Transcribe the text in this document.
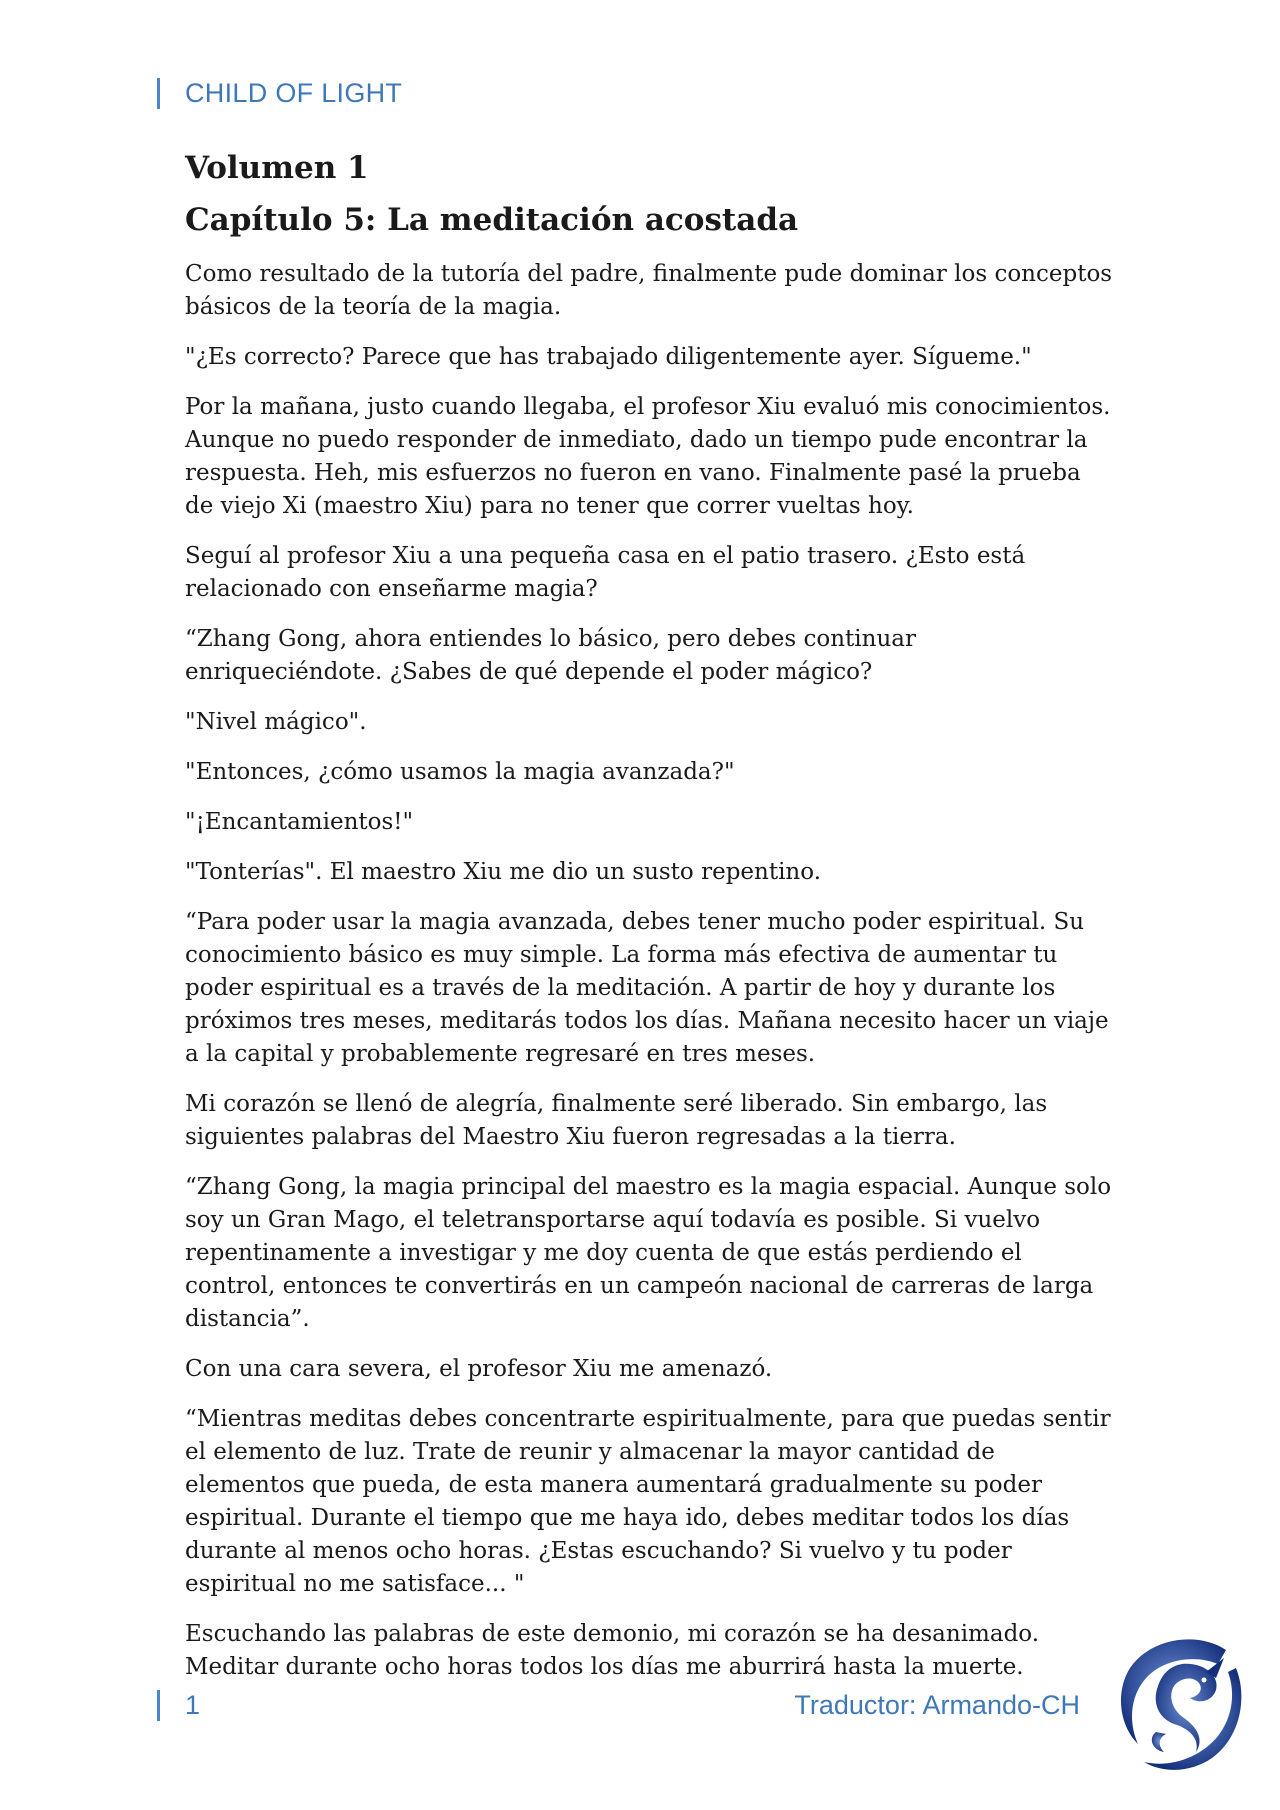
CHILD OF LIGHT
Volumen 1
Capítulo 5: La meditación acostada

Como resultado de la tutoría del padre, finalmente pude dominar los conceptos básicos de la teoría de la magia.

"¿Es correcto? Parece que has trabajado diligentemente ayer. Sígueme."

Por la mañana, justo cuando llegaba, el profesor Xiu evaluó mis conocimientos. Aunque no puedo responder de inmediato, dado un tiempo pude encontrar la respuesta. Heh, mis esfuerzos no fueron en vano. Finalmente pasé la prueba de viejo Xi (maestro Xiu) para no tener que correr vueltas hoy.

Seguí al profesor Xiu a una pequeña casa en el patio trasero. ¿Esto está relacionado con enseñarme magia?

“Zhang Gong, ahora entiendes lo básico, pero debes continuar enriqueciéndote. ¿Sabes de qué depende el poder mágico?

"Nivel mágico".

"Entonces, ¿cómo usamos la magia avanzada?"

"¡Encantamientos!"

"Tonterías". El maestro Xiu me dio un susto repentino.

“Para poder usar la magia avanzada, debes tener mucho poder espiritual. Su conocimiento básico es muy simple. La forma más efectiva de aumentar tu poder espiritual es a través de la meditación. A partir de hoy y durante los próximos tres meses, meditarás todos los días. Mañana necesito hacer un viaje a la capital y probablemente regresaré en tres meses.

Mi corazón se llenó de alegría, finalmente seré liberado. Sin embargo, las siguientes palabras del Maestro Xiu fueron regresadas a la tierra.

“Zhang Gong, la magia principal del maestro es la magia espacial. Aunque solo soy un Gran Mago, el teletransportarse aquí todavía es posible. Si vuelvo repentinamente a investigar y me doy cuenta de que estás perdiendo el control, entonces te convertirás en un campeón nacional de carreras de larga distancia”.

Con una cara severa, el profesor Xiu me amenazó.

“Mientras meditas debes concentrarte espiritualmente, para que puedas sentir el elemento de luz. Trate de reunir y almacenar la mayor cantidad de elementos que pueda, de esta manera aumentará gradualmente su poder espiritual. Durante el tiempo que me haya ido, debes meditar todos los días durante al menos ocho horas. ¿Estas escuchando? Si vuelvo y tu poder espiritual no me satisface... "

Escuchando las palabras de este demonio, mi corazón se ha desanimado. Meditar durante ocho horas todos los días me aburrirá hasta la muerte.

1	Traductor: Armando-CH
